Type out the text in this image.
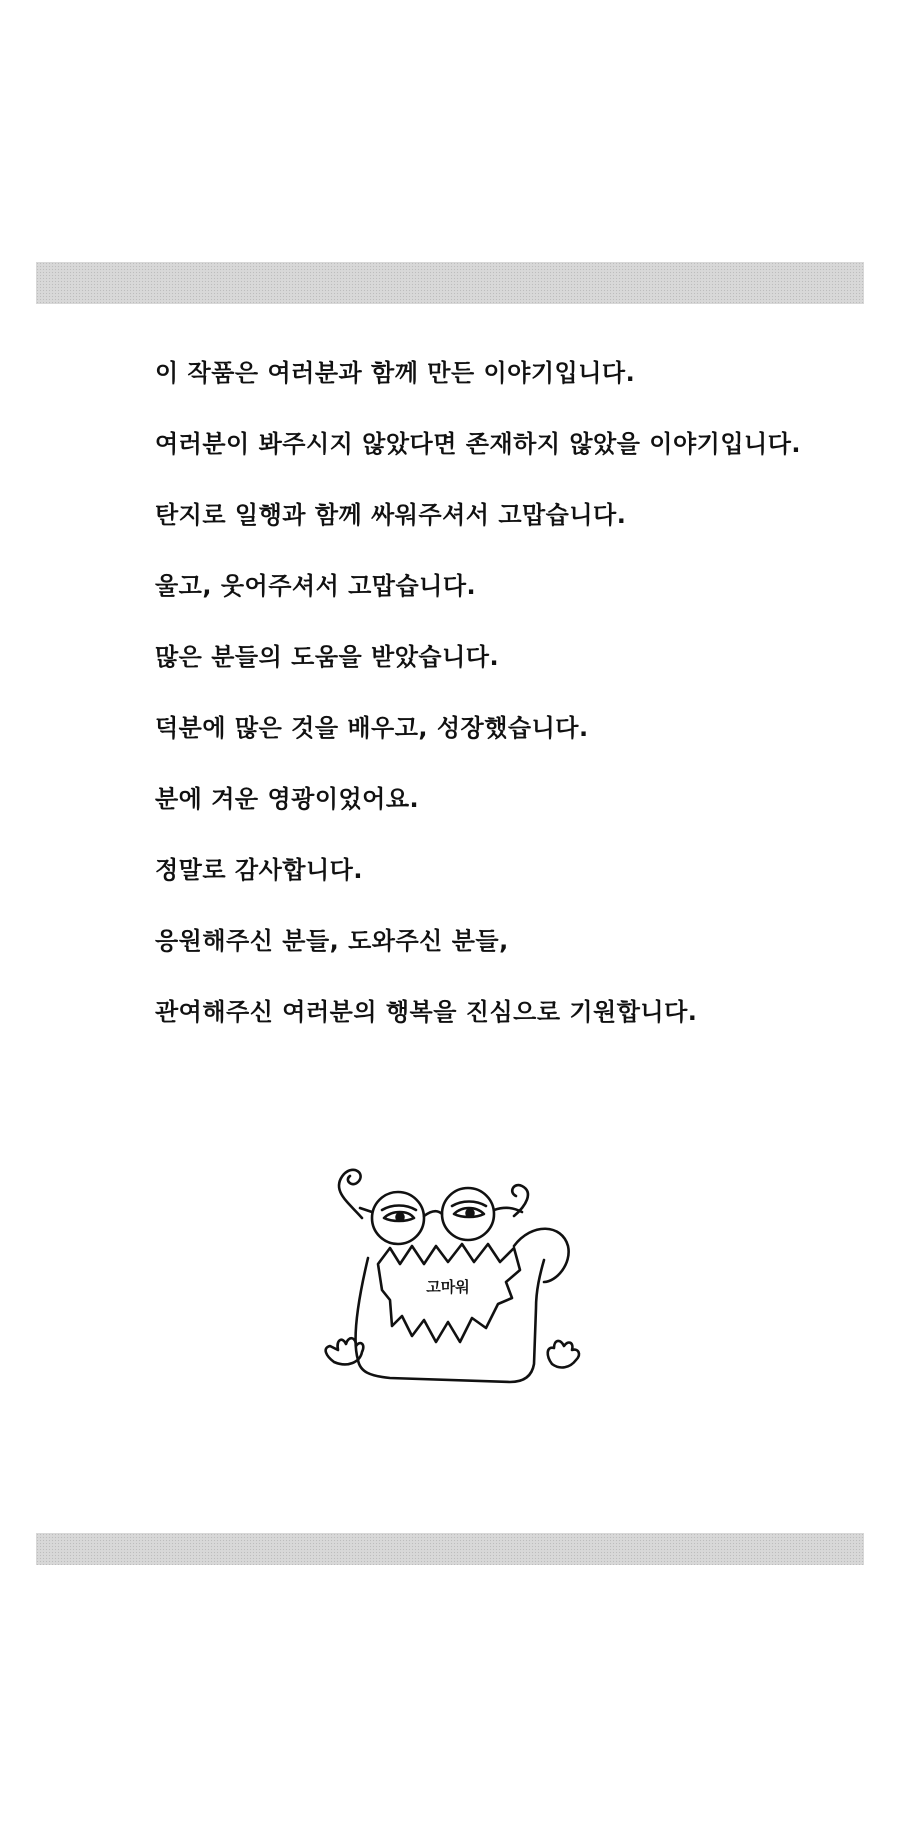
이 작품은 여러분과 함께 만든 이야기입니다.
여러분이 봐주시지 않았다면 존재하지 않았을 이야기입니다.
탄지로 일행과 함께 싸워주셔서 고맙습니다.
울고, 웃어주셔서 고맙습니다.
많은 분들의 도움을 받았습니다.
덕분에 많은 것을 배우고, 성장했습니다.
분에 겨운 영광이었어요.
정말로 감사합니다.
응원해주신 분들, 도와주신 분들,
관여해주신 여러분의 행복을 진심으로 기원합니다.
고마워
